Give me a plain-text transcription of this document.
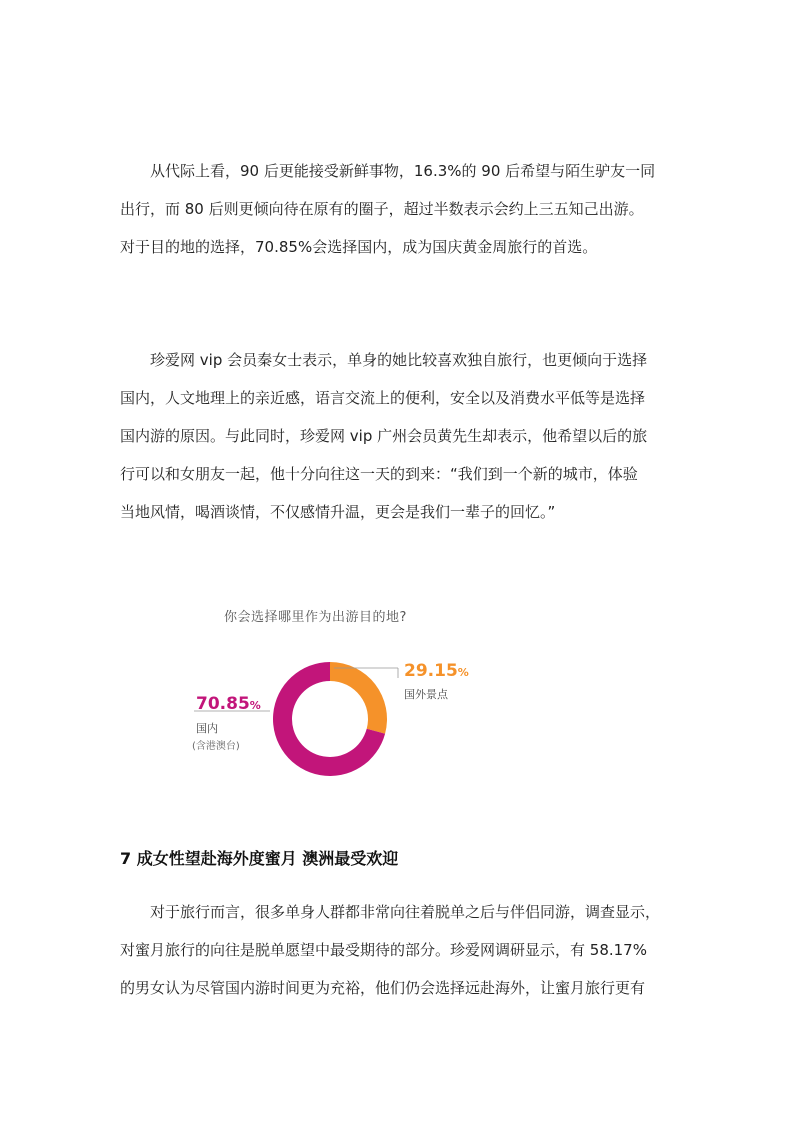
从代际上看，90 后更能接受新鲜事物，16.3%的 90 后希望与陌生驴友一同
出行，而 80 后则更倾向待在原有的圈子，超过半数表示会约上三五知己出游。
对于目的地的选择，70.85%会选择国内，成为国庆黄金周旅行的首选。
珍爱网 vip 会员秦女士表示，单身的她比较喜欢独自旅行，也更倾向于选择
国内，人文地理上的亲近感，语言交流上的便利，安全以及消费水平低等是选择
国内游的原因。与此同时，珍爱网 vip 广州会员黄先生却表示，他希望以后的旅
行可以和女朋友一起，他十分向往这一天的到来：“我们到一个新的城市，体验
当地风情，喝酒谈情，不仅感情升温，更会是我们一辈子的回忆。”
你会选择哪里作为出游目的地?
29.15%
国外景点
70.85%
国内
(含港澳台)
7 成女性望赴海外度蜜月 澳洲最受欢迎
对于旅行而言，很多单身人群都非常向往着脱单之后与伴侣同游，调查显示，
对蜜月旅行的向往是脱单愿望中最受期待的部分。珍爱网调研显示，有 58.17%
的男女认为尽管国内游时间更为充裕，他们仍会选择远赴海外，让蜜月旅行更有
